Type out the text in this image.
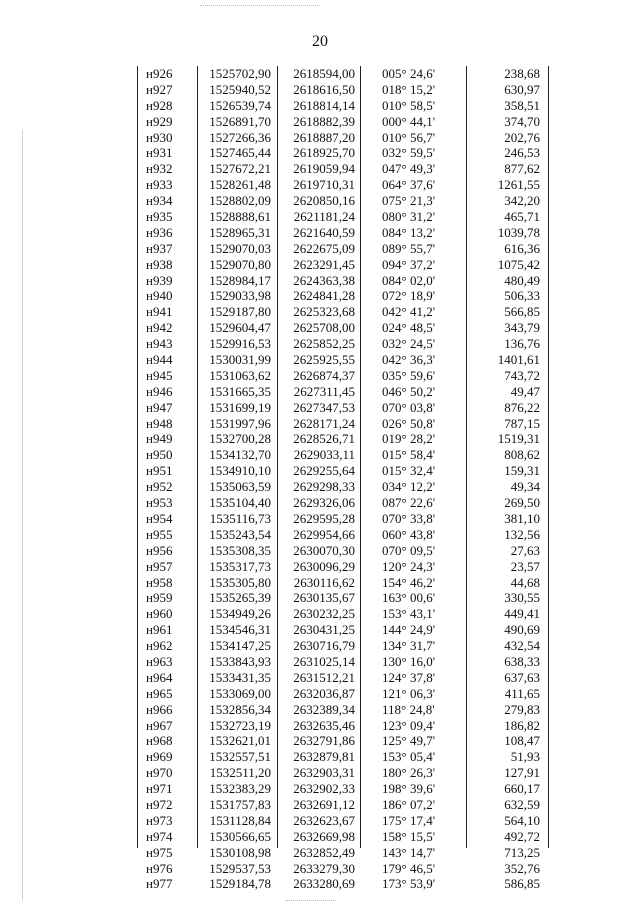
20
н926	1525702,90	2618594,00 005° 24,6'	238,68
н927	1525940,52	2618616,50 018° 15,2'	630,97
н928	1526539,74	2618814,14 010° 58,5'	358,51
н929	1526891,70	2618882,39 000° 44,1'	374,70
н930	1527266,36	2618887,20 010° 56,7'	202,76
н931	1527465,44	2618925,70 032° 59,5'	246,53
н932	1527672,21	2619059,94 047° 49,3'	877,62
н933	1528261,48	2619710,31 064° 37,6'	1261,55
н934	1528802,09	2620850,16 075° 21,3'	342,20
н935	1528888,61	2621181,24 080° 31,2'	465,71
н936	1528965,31	2621640,59 084° 13,2'	1039,78
н937	1529070,03	2622675,09 089° 55,7'	616,36
н938	1529070,80	2623291,45 094° 37,2'	1075,42
н939	1528984,17	2624363,38 084° 02,0'	480,49
н940	1529033,98	2624841,28 072° 18,9'	506,33
н941	1529187,80	2625323,68 042° 41,2'	566,85
н942	1529604,47	2625708,00 024° 48,5'	343,79
н943	1529916,53	2625852,25 032° 24,5'	136,76
н944	1530031,99	2625925,55 042° 36,3'	1401,61
н945	1531063,62	2626874,37 035° 59,6'	743,72
н946	1531665,35	2627311,45 046° 50,2'	49,47
н947	1531699,19	2627347,53 070° 03,8'	876,22
н948	1531997,96	2628171,24 026° 50,8'	787,15
н949	1532700,28	2628526,71 019° 28,2'	1519,31
н950	1534132,70	2629033,11 015° 58,4'	808,62
н951	1534910,10	2629255,64 015° 32,4'	159,31
н952	1535063,59	2629298,33 034° 12,2'	49,34
н953	1535104,40	2629326,06 087° 22,6'	269,50
н954	1535116,73	2629595,28 070° 33,8'	381,10
н955	1535243,54	2629954,66 060° 43,8'	132,56
н956	1535308,35	2630070,30 070° 09,5'	27,63
н957	1535317,73	2630096,29 120° 24,3'	23,57
н958	1535305,80	2630116,62 154° 46,2'	44,68
н959	1535265,39	2630135,67 163° 00,6'	330,55
н960	1534949,26	2630232,25 153° 43,1'	449,41
н961	1534546,31	2630431,25 144° 24,9'	490,69
н962	1534147,25	2630716,79 134° 31,7'	432,54
н963	1533843,93	2631025,14 130° 16,0'	638,33
н964	1533431,35	2631512,21 124° 37,8'	637,63
н965	1533069,00	2632036,87 121° 06,3'	411,65
н966	1532856,34	2632389,34 118° 24,8'	279,83
н967	1532723,19	2632635,46 123° 09,4'	186,82
н968	1532621,01	2632791,86 125° 49,7'	108,47
н969	1532557,51	2632879,81 153° 05,4'	51,93
н970	1532511,20	2632903,31 180° 26,3'	127,91
н971	1532383,29	2632902,33 198° 39,6'	660,17
н972	1531757,83	2632691,12 186° 07,2'	632,59
н973	1531128,84	2632623,67 175° 17,4'	564,10
н974	1530566,65	2632669,98 158° 15,5'	492,72
н975	1530108,98	2632852,49 143° 14,7'	713,25
н976	1529537,53	2633279,30 179° 46,5'	352,76
н977	1529184,78	2633280,69 173° 53,9'	586,85
